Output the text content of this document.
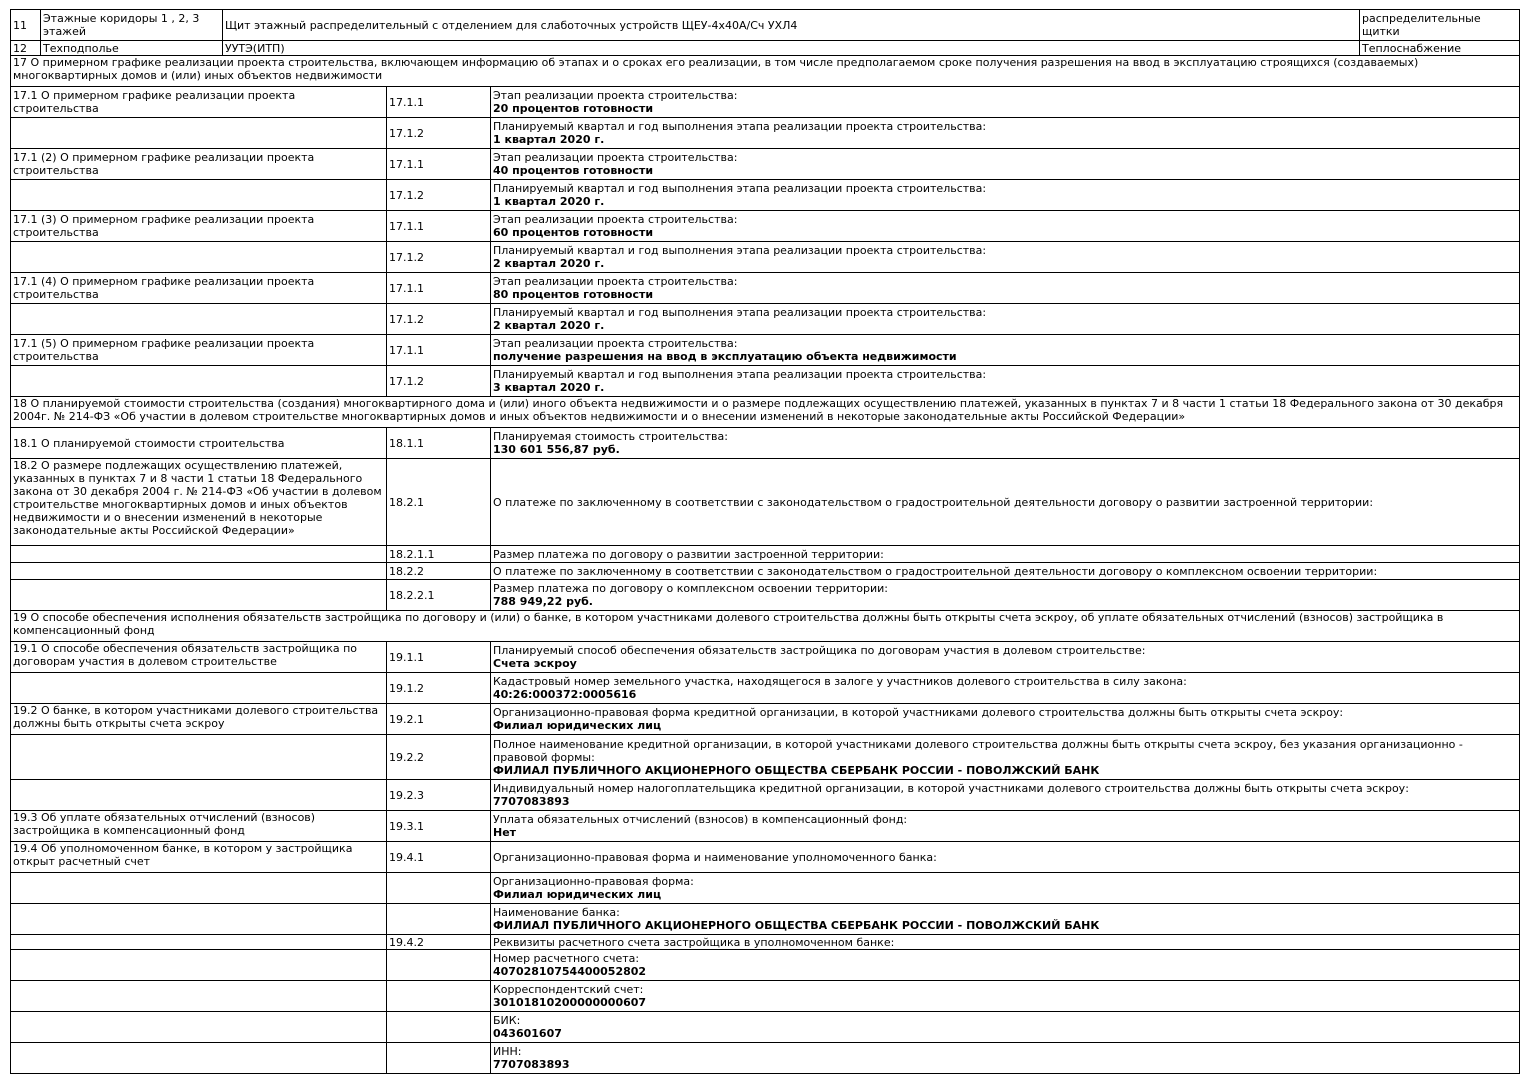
11	Этажные коридоры 1 , 2, 3 этажей	Щит этажный распределительный с отделением для слаботочных устройств ЩЕУ-4х40А/Сч УХЛ4	распределительные щитки
12	Техподполье	УУТЭ(ИТП)	Теплоснабжение
17 О примерном графике реализации проекта строительства, включающем информацию об этапах и о сроках его реализации, в том числе предполагаемом сроке получения разрешения на ввод в эксплуатацию строящихся (создаваемых) многоквартирных домов и (или) иных объектов недвижимости		
17.1 О примерном графике реализации проекта строительства	17.1.1	Этап реализации проекта строительства:
20 процентов готовности

	17.1.2	Планируемый квартал и год выполнения этапа реализации проекта строительства:
1 квартал 2020 г.

17.1 (2) О примерном графике реализации проекта строительства	17.1.1	Этап реализации проекта строительства:
40 процентов готовности

	17.1.2	Планируемый квартал и год выполнения этапа реализации проекта строительства:
1 квартал 2020 г.

17.1 (3) О примерном графике реализации проекта строительства	17.1.1	Этап реализации проекта строительства:
60 процентов готовности

	17.1.2	Планируемый квартал и год выполнения этапа реализации проекта строительства:
2 квартал 2020 г.

17.1 (4) О примерном графике реализации проекта строительства	17.1.1	Этап реализации проекта строительства:
80 процентов готовности

	17.1.2	Планируемый квартал и год выполнения этапа реализации проекта строительства:
2 квартал 2020 г.

17.1 (5) О примерном графике реализации проекта строительства	17.1.1	Этап реализации проекта строительства:
получение разрешения на ввод в эксплуатацию объекта недвижимости

	17.1.2	Планируемый квартал и год выполнения этапа реализации проекта строительства:
3 квартал 2020 г.

18 О планируемой стоимости строительства (создания) многоквартирного дома и (или) иного объекта недвижимости и о размере подлежащих осуществлению платежей, указанных в пунктах 7 и 8 части 1 статьи 18 Федерального закона от 30 декабря 2004г. № 214-ФЗ «Об участии в долевом строительстве многоквартирных домов и иных объектов недвижимости и о внесении изменений в некоторые законодательные акты Российской Федерации»		
18.1 О планируемой стоимости строительства	18.1.1	Планируемая стоимость строительства:
130 601 556,87 руб.

18.2 О размере подлежащих осуществлению платежей, указанных в пунктах 7 и 8 части 1 статьи 18 Федерального закона от 30 декабря 2004 г. № 214-ФЗ «Об участии в долевом строительстве многоквартирных домов и иных объектов недвижимости и о внесении изменений в некоторые законодательные акты Российской Федерации»	18.2.1	О платеже по заключенному в соответствии с законодательством о градостроительной деятельности договору о развитии застроенной территории:
	18.2.1.1	Размер платежа по договору о развитии застроенной территории:
	18.2.2	О платеже по заключенному в соответствии с законодательством о градостроительной деятельности договору о комплексном освоении территории:
	18.2.2.1	Размер платежа по договору о комплексном освоении территории:
788 949,22 руб.

19 О способе обеспечения исполнения обязательств застройщика по договору и (или) о банке, в котором участниками долевого строительства должны быть открыты счета эскроу, об уплате обязательных отчислений (взносов) застройщика в компенсационный фонд		
19.1 О способе обеспечения обязательств застройщика по договорам участия в долевом строительстве	19.1.1	Планируемый способ обеспечения обязательств застройщика по договорам участия в долевом строительстве:
Счета эскроу

	19.1.2	Кадастровый номер земельного участка, находящегося в залоге у участников долевого строительства в силу закона:
40:26:000372:0005616

19.2 О банке, в котором участниками долевого строительства должны быть открыты счета эскроу	19.2.1	Организационно-правовая форма кредитной организации, в которой участниками долевого строительства должны быть открыты счета эскроу:
Филиал юридических лиц

	19.2.2	Полное наименование кредитной организации, в которой участниками долевого строительства должны быть открыты счета эскроу, без указания организационно - правовой формы:
ФИЛИАЛ ПУБЛИЧНОГО АКЦИОНЕРНОГО ОБЩЕСТВА СБЕРБАНК РОССИИ - ПОВОЛЖСКИЙ БАНК

	19.2.3	Индивидуальный номер налогоплательщика кредитной организации, в которой участниками долевого строительства должны быть открыты счета эскроу:
7707083893

19.3 Об уплате обязательных отчислений (взносов) застройщика в компенсационный фонд	19.3.1	Уплата обязательных отчислений (взносов) в компенсационный фонд:
Нет

19.4 Об уполномоченном банке, в котором у застройщика открыт расчетный счет	19.4.1	Организационно-правовая форма и наименование уполномоченного банка:

		Организационно-правовая форма:
Филиал юридических лиц

		Наименование банка:
ФИЛИАЛ ПУБЛИЧНОГО АКЦИОНЕРНОГО ОБЩЕСТВА СБЕРБАНК РОССИИ - ПОВОЛЖСКИЙ БАНК

	19.4.2	Реквизиты расчетного счета застройщика в уполномоченном банке:

		Номер расчетного счета:
40702810754400052802

		Корреспондентский счет:
30101810200000000607

		БИК:
043601607

		ИНН:
7707083893
